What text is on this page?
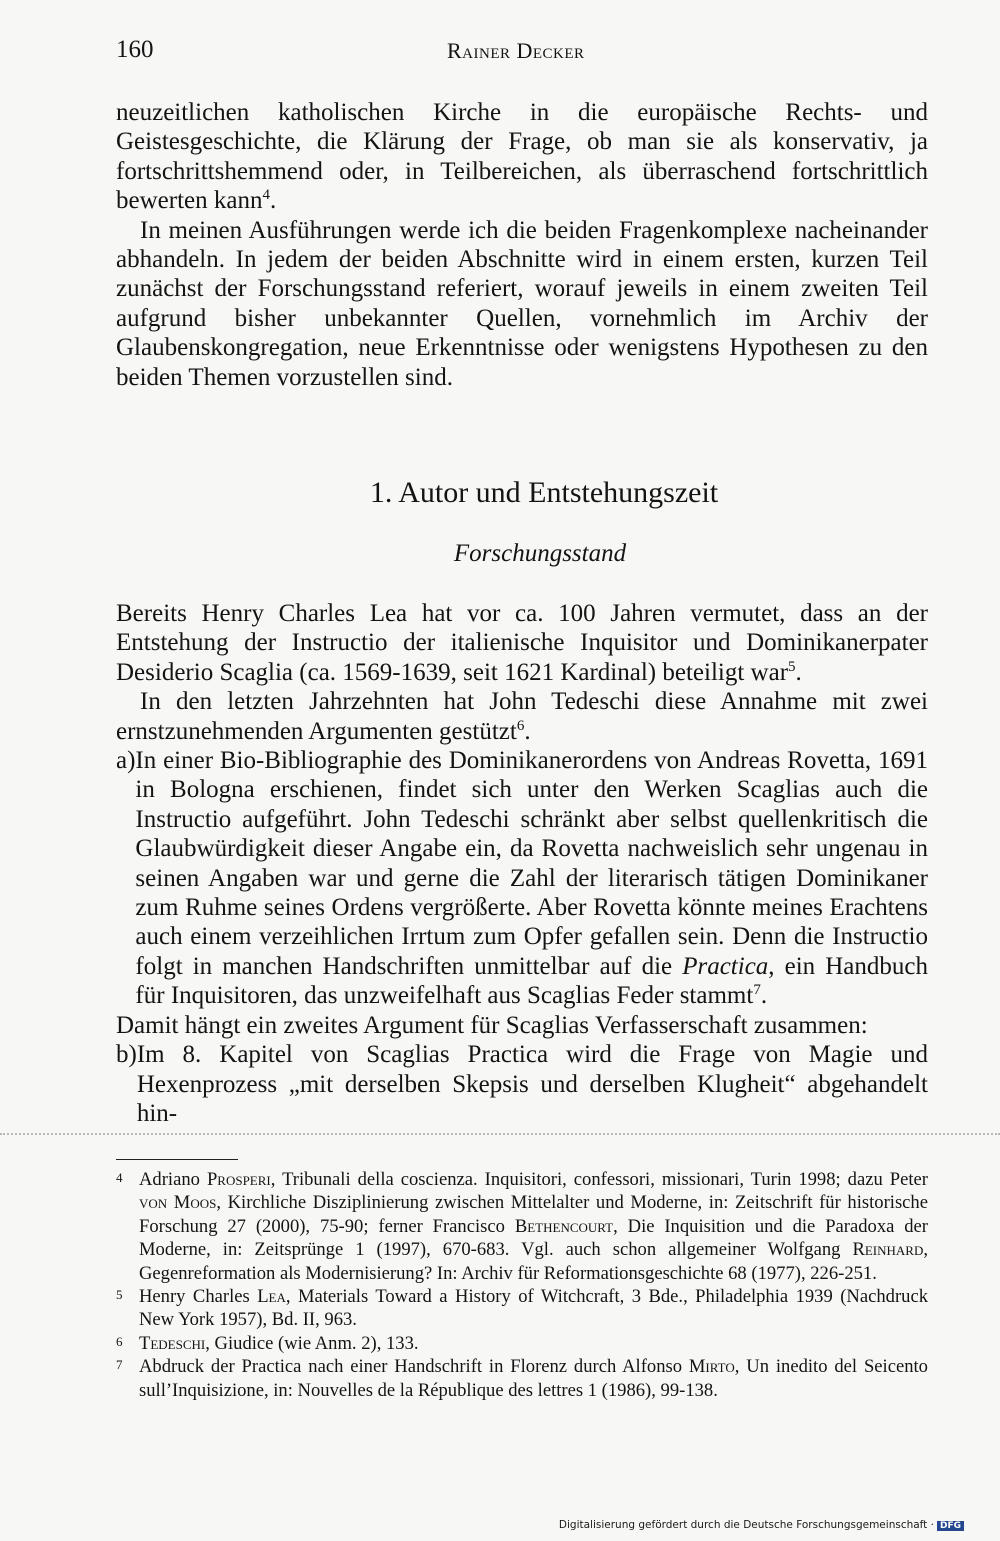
160	Rainer Decker

neuzeitlichen katholischen Kirche in die europäische Rechts- und Geistesgeschichte, die Klärung der Frage, ob man sie als konservativ, ja fortschrittshemmend oder, in Teilbereichen, als überraschend fortschrittlich bewerten kann$^4$.

In meinen Ausführungen werde ich die beiden Fragenkomplexe nacheinander abhandeln. In jedem der beiden Abschnitte wird in einem ersten, kurzen Teil zunächst der Forschungsstand referiert, worauf jeweils in einem zweiten Teil aufgrund bisher unbekannter Quellen, vornehmlich im Archiv der Glaubenskongregation, neue Erkenntnisse oder wenigstens Hypothesen zu den beiden Themen vorzustellen sind.

1. Autor und Entstehungszeit
Forschungsstand

Bereits Henry Charles Lea hat vor ca. 100 Jahren vermutet, dass an der Entstehung der Instructio der italienische Inquisitor und Dominikanerpater Desiderio Scaglia (ca. 1569-1639, seit 1621 Kardinal) beteiligt war$^5$.

In den letzten Jahrzehnten hat John Tedeschi diese Annahme mit zwei ernstzunehmenden Argumenten gestützt$^6$.

a) In einer Bio-Bibliographie des Dominikanerordens von Andreas Rovetta, 1691 in Bologna erschienen, findet sich unter den Werken Scaglias auch die Instructio aufgeführt. John Tedeschi schränkt aber selbst quellenkritisch die Glaubwürdigkeit dieser Angabe ein, da Rovetta nachweislich sehr ungenau in seinen Angaben war und gerne die Zahl der literarisch tätigen Dominikaner zum Ruhme seines Ordens vergrößerte. Aber Rovetta könnte meines Erachtens auch einem verzeihlichen Irrtum zum Opfer gefallen sein. Denn die Instructio folgt in manchen Handschriften unmittelbar auf die Practica, ein Handbuch für Inquisitoren, das unzweifelhaft aus Scaglias Feder stammt$^7$.

Damit hängt ein zweites Argument für Scaglias Verfasserschaft zusammen:

b) Im 8. Kapitel von Scaglias Practica wird die Frage von Magie und Hexenprozess „mit derselben Skepsis und derselben Klugheit“ abgehandelt hin-
4 Adriano Prosperi, Tribunali della coscienza. Inquisitori, confessori, missionari, Turin 1998; dazu Peter von Moos, Kirchliche Disziplinierung zwischen Mittelalter und Moderne, in: Zeitschrift für historische Forschung 27 (2000), 75-90; ferner Francisco Bethencourt, Die Inquisition und die Paradoxa der Moderne, in: Zeitsprünge 1 (1997), 670-683. Vgl. auch schon allgemeiner Wolfgang Reinhard, Gegenreformation als Modernisierung? In: Archiv für Reformationsgeschichte 68 (1977), 226-251.
5 Henry Charles Lea, Materials Toward a History of Witchcraft, 3 Bde., Philadelphia 1939 (Nachdruck New York 1957), Bd. II, 963.
6 Tedeschi, Giudice (wie Anm. 2), 133.
7 Abdruck der Practica nach einer Handschrift in Florenz durch Alfonso Mirto, Un inedito del Seicento sull’Inquisizione, in: Nouvelles de la République des lettres 1 (1986), 99-138.
Digitalisierung gefördert durch die Deutsche Forschungsgemeinschaft · DFG
